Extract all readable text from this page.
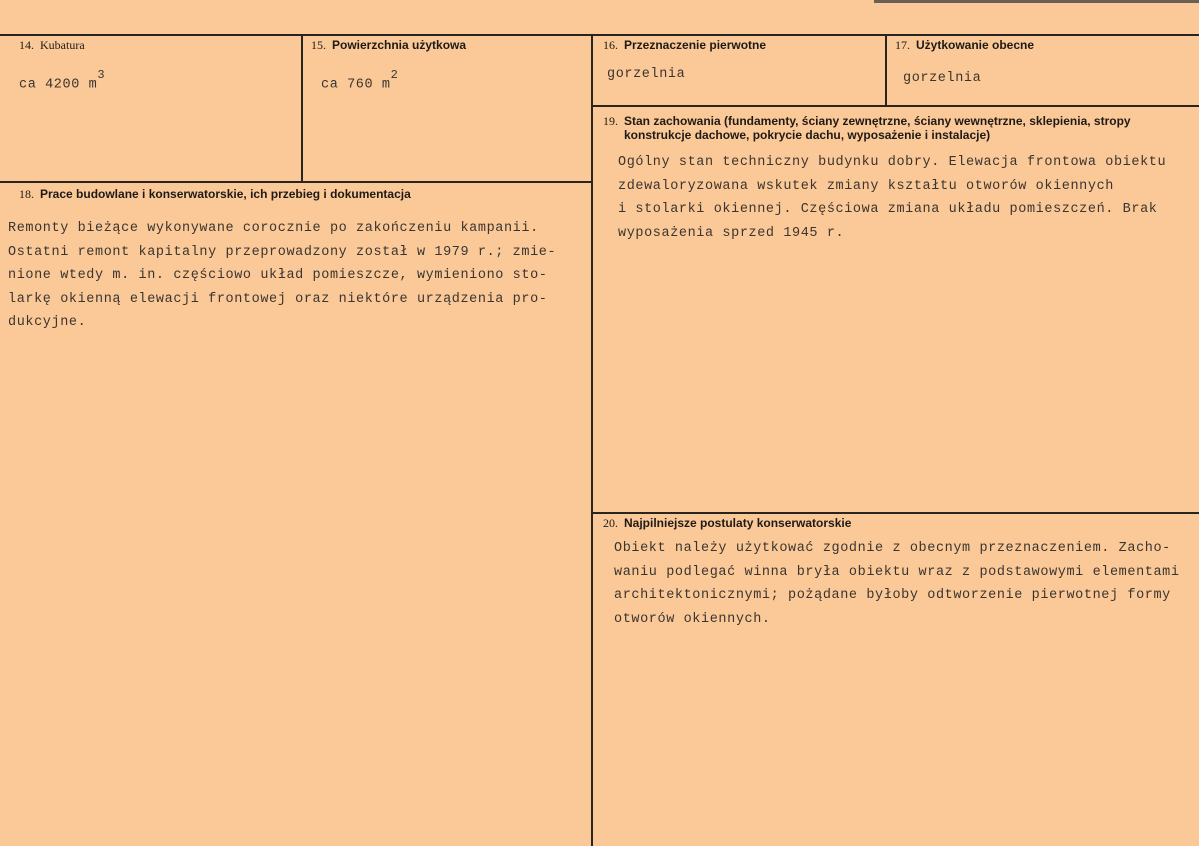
14. Kubatura
ca 4200 $m^3$
15. Powierzchnia użytkowa
ca 760 $m^2$
16. Przeznaczenie pierwotne
gorzelnia
17. Użytkowanie obecne
gorzelnia
19. Stan zachowania (fundamenty, ściany zewnętrzne, ściany wewnętrzne, sklepienia, stropy
konstrukcje dachowe, pokrycie dachu, wyposażenie i instalacje)
Ogólny stan techniczny budynku dobry. Elewacja frontowa obiektu
zdewaloryzowana wskutek zmiany kształtu otworów okiennych
i stolarki okiennej. Częściowa zmiana układu pomieszczeń. Brak
wyposażenia sprzed 1945 r.
18. Prace budowlane i konserwatorskie, ich przebieg i dokumentacja
Remonty bieżące wykonywane corocznie po zakończeniu kampanii.
Ostatni remont kapitalny przeprowadzony został w 1979 r.; zmie-
nione wtedy m. in. częściowo układ pomieszcze, wymieniono sto-
larkę okienną elewacji frontowej oraz niektóre urządzenia pro-
dukcyjne.
20. Najpilniejsze postulaty konserwatorskie
Obiekt należy użytkować zgodnie z obecnym przeznaczeniem. Zacho-
waniu podlegać winna bryła obiektu wraz z podstawowymi elementami
architektonicznymi; pożądane byłoby odtworzenie pierwotnej formy
otworów okiennych.
